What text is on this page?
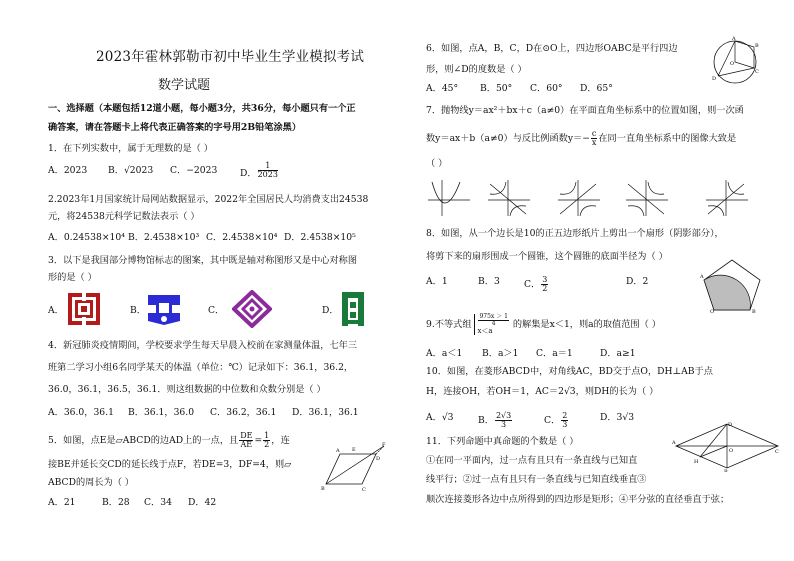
2023年霍林郭勒市初中毕业生学业模拟考试
数学试题
一、选择题（本题包括12道小题，每小题3分，共36分，每小题只有一个正
确答案，请在答题卡上将代表正确答案的字号用2B铅笔涂黑）
1．在下列实数中，属于无理数的是（ ）
A．2023 B．√2023 C．−2023 D． $\frac{1}{2023}$
2.2023年1月国家统计局网站数据显示，2022年全国居民人均消费支出24538
元，将24538元科学记数法表示（ ）
A．0.24538×10⁴ B．2.4538×10³ C．2.4538×10⁴ D．2.4538×10⁵
3．以下是我国部分博物馆标志的图案，其中既是轴对称图形又是中心对称图
形的是（ ）
A．	B．	C．	D．
4．新冠肺炎疫情期间，学校要求学生每天早晨入校前在家测量体温，七年三
班第二学习小组6名同学某天的体温（单位：℃）记录如下：36.1，36.2，
36.0，36.1，36.5，36.1．则这组数据的中位数和众数分别是（ ）
A．36.0，36.1 B．36.1，36.0 C．36.2，36.1 D．36.1，36.1
5．如图，点E是▱ABCD的边AD上的一点，且 $\frac{DE}{AE} = \frac{1}{2}$ ，连
接BE并延长交CD的延长线于点F，若DE=3，DF=4，则▱
ABCD的周长为（ ）
A．21	B．28 C．34 D．42
E
A
D
B	C
F
6．如图，点A，B，C，D在⊙O上，四边形OABC是平行四边
形，则∠D的度数是（ ）
A．45° B．50° C．60° D．65°
A
O
D
B
C
7．抛物线y＝ax²＋bx＋c（a≠0）在平面直角坐标系中的位置如图，则一次函
数y＝ax＋b（a≠0）与反比例函数$y=- \frac{c}{x}$ 在同一直角坐标系中的图像大致是
（ ）
8．如图，从一个边长是10的正五边形纸片上剪出一个扇形（阴影部分），
将剪下来的扇形围成一个圆锥，这个圆锥的底面半径为（ ）
A．1	B．3	C． $\frac{3}{2}$	D．2	A
O	B
9.不等式组 $\frac{975x > 1}{4}$
x＜a
的解集是x＜1，则a的取值范围（ ）
A．a＜1 B．a＞1 C．a＝1	D．a≥1
10．如图，在菱形ABCD中，对角线AC，BD交于点O，DH⊥AB于点
H，连接OH，若OH＝1，AC＝2√3，则DH的长为（ ）
A．√3	B． $\frac{2√3}{3}$	C． $\frac{2}{3}$	D．3√3
11．下列命题中真命题的个数是（ ）
①在同一平面内，过一点有且只有一条直线与已知直
线平行；②过一点有且只有一条直线与已知直线垂直③
顺次连接菱形各边中点所得到的四边形是矩形；④平分弦的直径垂直于弦；
A
D
H
O
B
C
